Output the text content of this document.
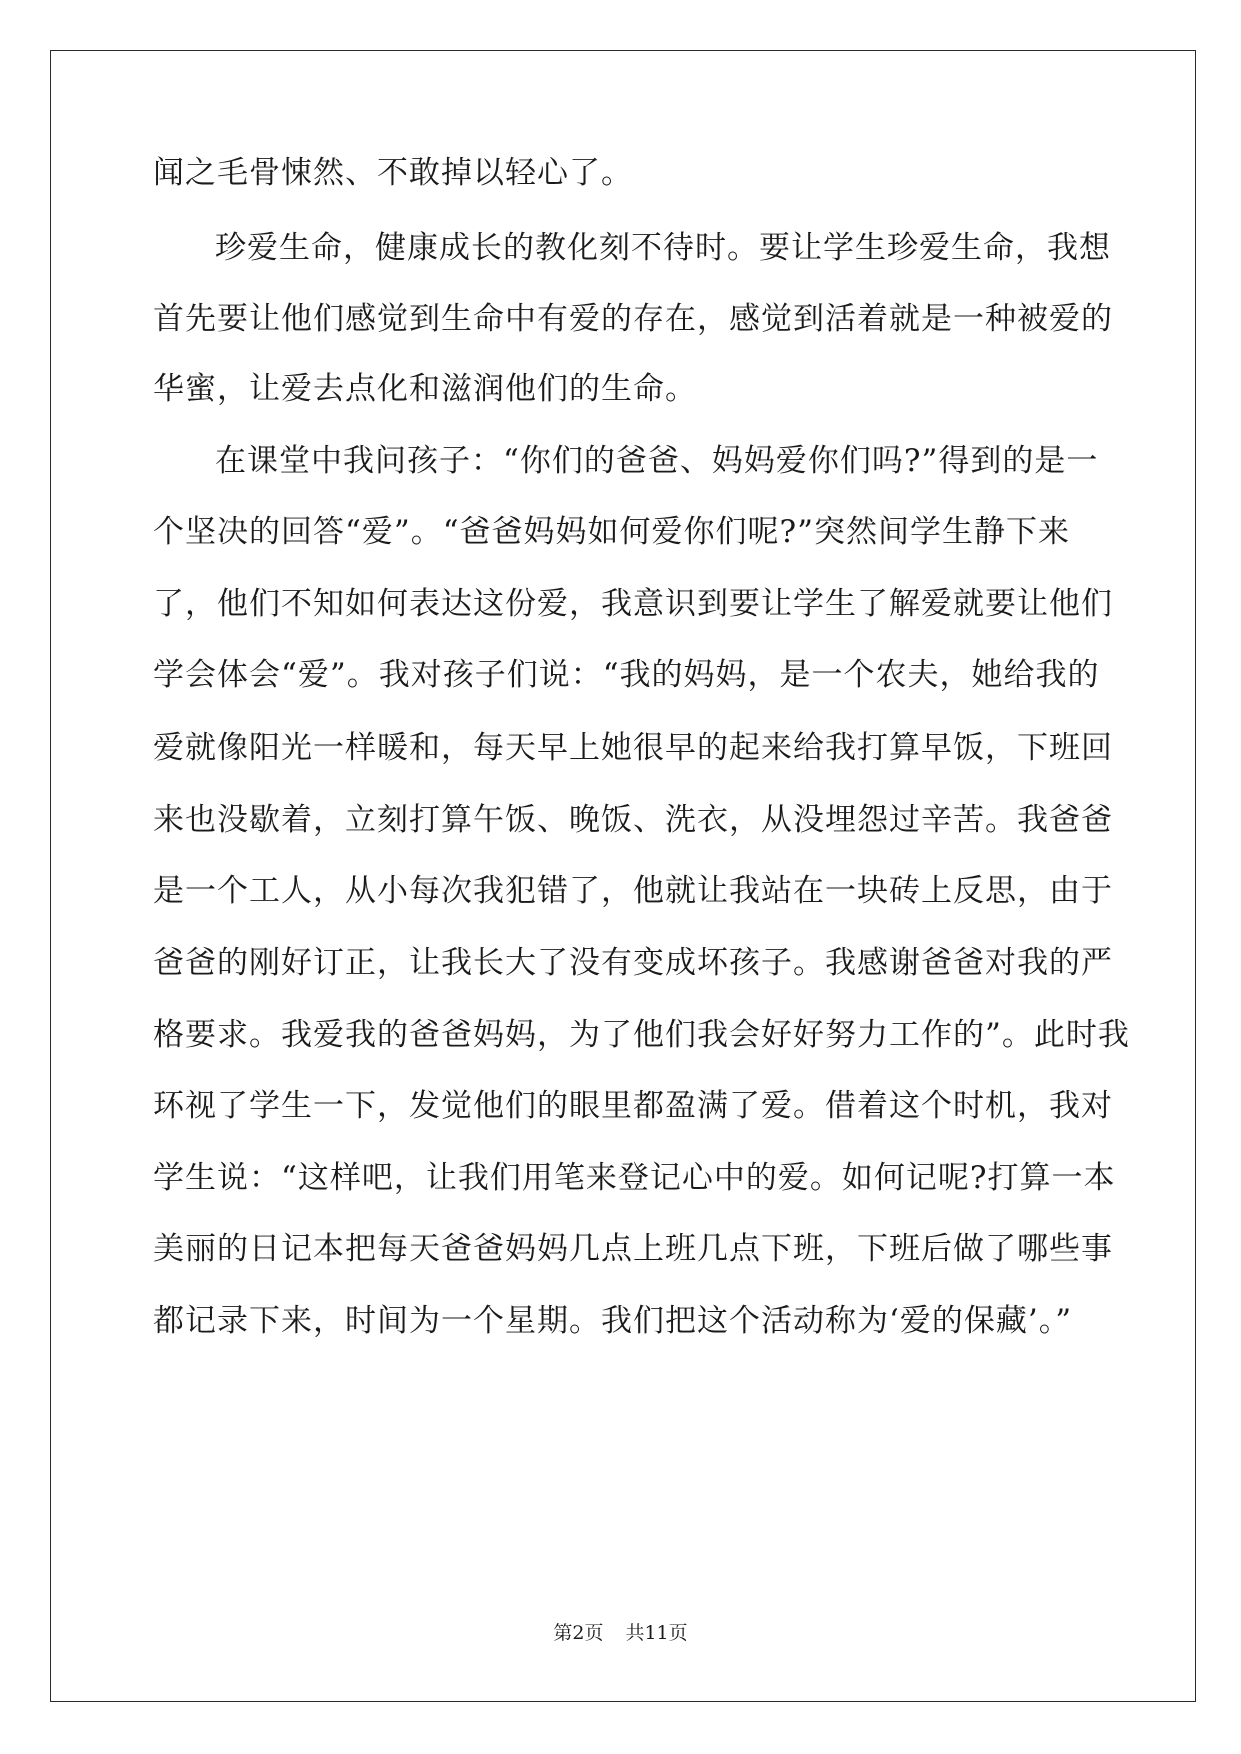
闻之毛骨悚然、不敢掉以轻心了。
珍爱生命，健康成长的教化刻不待时。要让学生珍爱生命，我想
首先要让他们感觉到生命中有爱的存在，感觉到活着就是一种被爱的
华蜜，让爱去点化和滋润他们的生命。
在课堂中我问孩子：“你们的爸爸、妈妈爱你们吗?”得到的是一
个坚决的回答“爱”。“爸爸妈妈如何爱你们呢?”突然间学生静下来
了，他们不知如何表达这份爱，我意识到要让学生了解爱就要让他们
学会体会“爱”。我对孩子们说：“我的妈妈，是一个农夫，她给我的
爱就像阳光一样暖和，每天早上她很早的起来给我打算早饭，下班回
来也没歇着，立刻打算午饭、晚饭、洗衣，从没埋怨过辛苦。我爸爸
是一个工人，从小每次我犯错了，他就让我站在一块砖上反思，由于
爸爸的刚好订正，让我长大了没有变成坏孩子。我感谢爸爸对我的严
格要求。我爱我的爸爸妈妈，为了他们我会好好努力工作的”。此时我
环视了学生一下，发觉他们的眼里都盈满了爱。借着这个时机，我对
学生说：“这样吧，让我们用笔来登记心中的爱。如何记呢?打算一本
美丽的日记本把每天爸爸妈妈几点上班几点下班，下班后做了哪些事
都记录下来，时间为一个星期。我们把这个活动称为‘爱的保藏’。”
第2页 共11页
